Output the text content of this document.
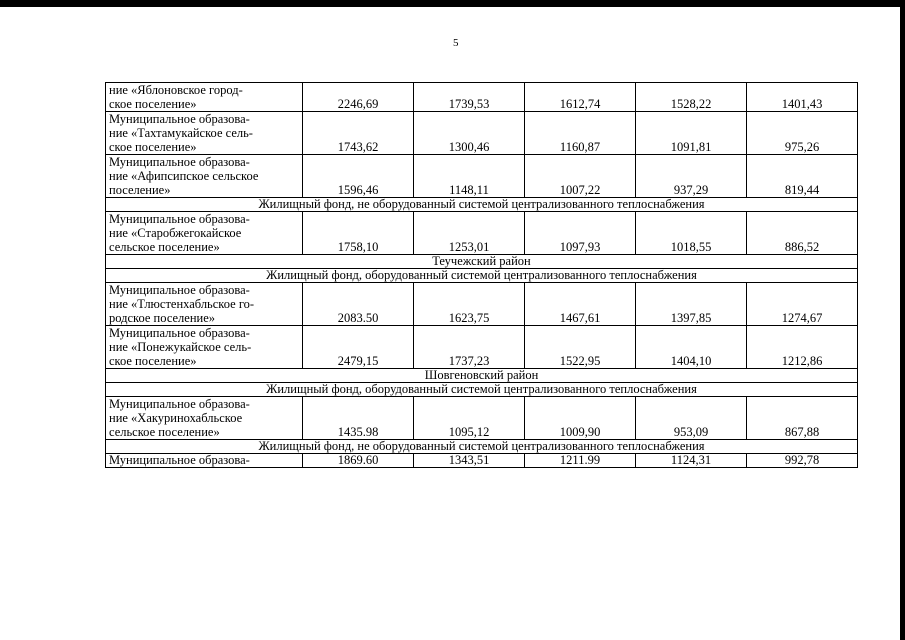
5
ние «Яблоновское город-
ское поселение»	2246,69	1739,53	1612,74	1528,22	1401,43

Муниципальное образова-
ние «Тахтамукайское сель-
ское поселение»	1743,62	1300,46	1160,87	1091,81	975,26

Муниципальное образова-
ние «Афипсипское сельское
поселение»	1596,46	1148,11	1007,22	937,29	819,44
Жилищный фонд, не оборудованный системой централизованного теплоснабжения					

Муниципальное образова-
ние «Старобжегокайское
сельское поселение»	1758,10	1253,01	1097,93	1018,55	886,52
Теучежский район					
Жилищный фонд, оборудованный системой централизованного теплоснабжения					

Муниципальное образова-
ние «Тлюстенхабльское го-
родское поселение»	2083.50	1623,75	1467,61	1397,85	1274,67

Муниципальное образова-
ние «Понежукайское сель-
ское поселение»	2479,15	1737,23	1522,95	1404,10	1212,86
Шовгеновский район					
Жилищный фонд, оборудованный системой централизованного теплоснабжения					

Муниципальное образова-
ние «Хакуринохабльское
сельское поселение»	1435.98	1095,12	1009,90	953,09	867,88
Жилищный фонд, не оборудованный системой централизованного теплоснабжения					

Муниципальное образова-	1869.60	1343,51	1211.99	1124,31	992,78
